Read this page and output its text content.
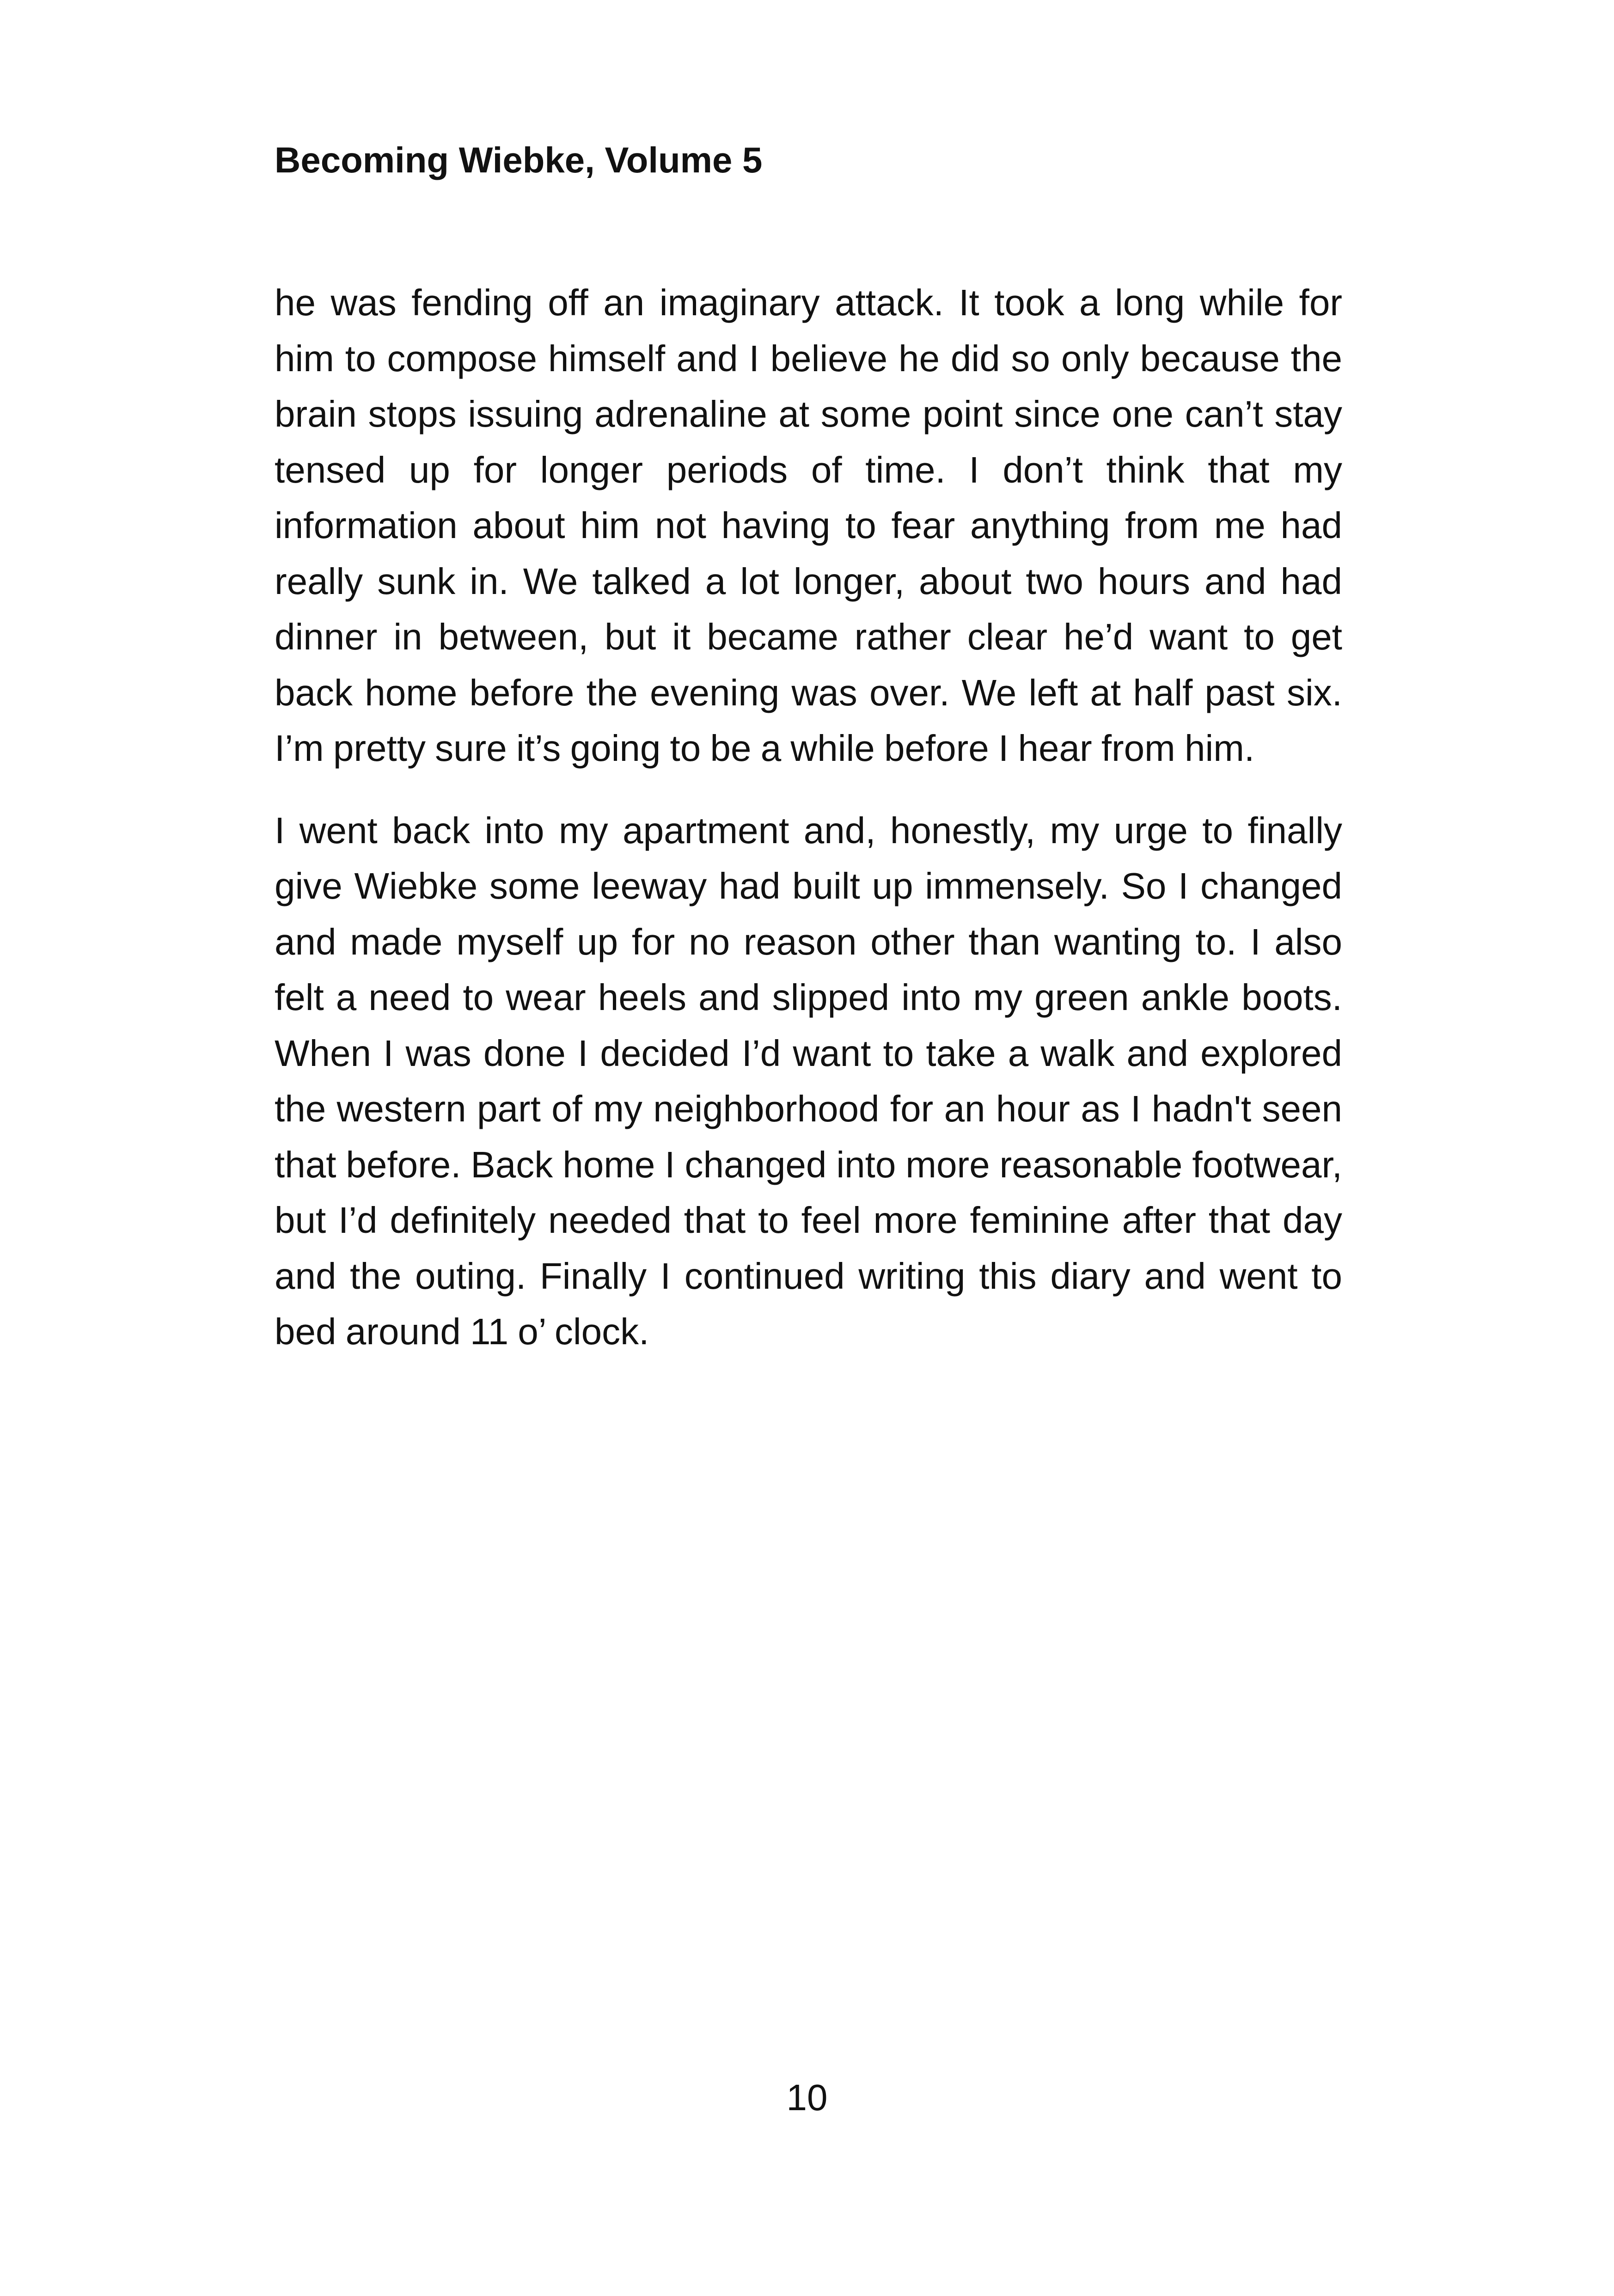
Becoming Wiebke, Volume 5

he was fending off an imaginary attack. It took a long while for him to compose himself and I believe he did so only because the brain stops issuing adrenaline at some point since one can’t stay tensed up for longer periods of time. I don’t think that my information about him not having to fear anything from me had really sunk in. We talked a lot longer, about two hours and had dinner in between, but it became rather clear he’d want to get back home before the evening was over. We left at half past six. I’m pretty sure it’s going to be a while before I hear from him.

I went back into my apartment and, honestly, my urge to finally give Wiebke some leeway had built up immensely. So I changed and made myself up for no reason other than wanting to. I also felt a need to wear heels and slipped into my green ankle boots. When I was done I decided I’d want to take a walk and explored the western part of my neighborhood for an hour as I hadn't seen that before. Back home I changed into more reasonable footwear, but I’d definitely needed that to feel more feminine after that day and the outing. Finally I continued writing this diary and went to bed around 11 o’ clock.

10
